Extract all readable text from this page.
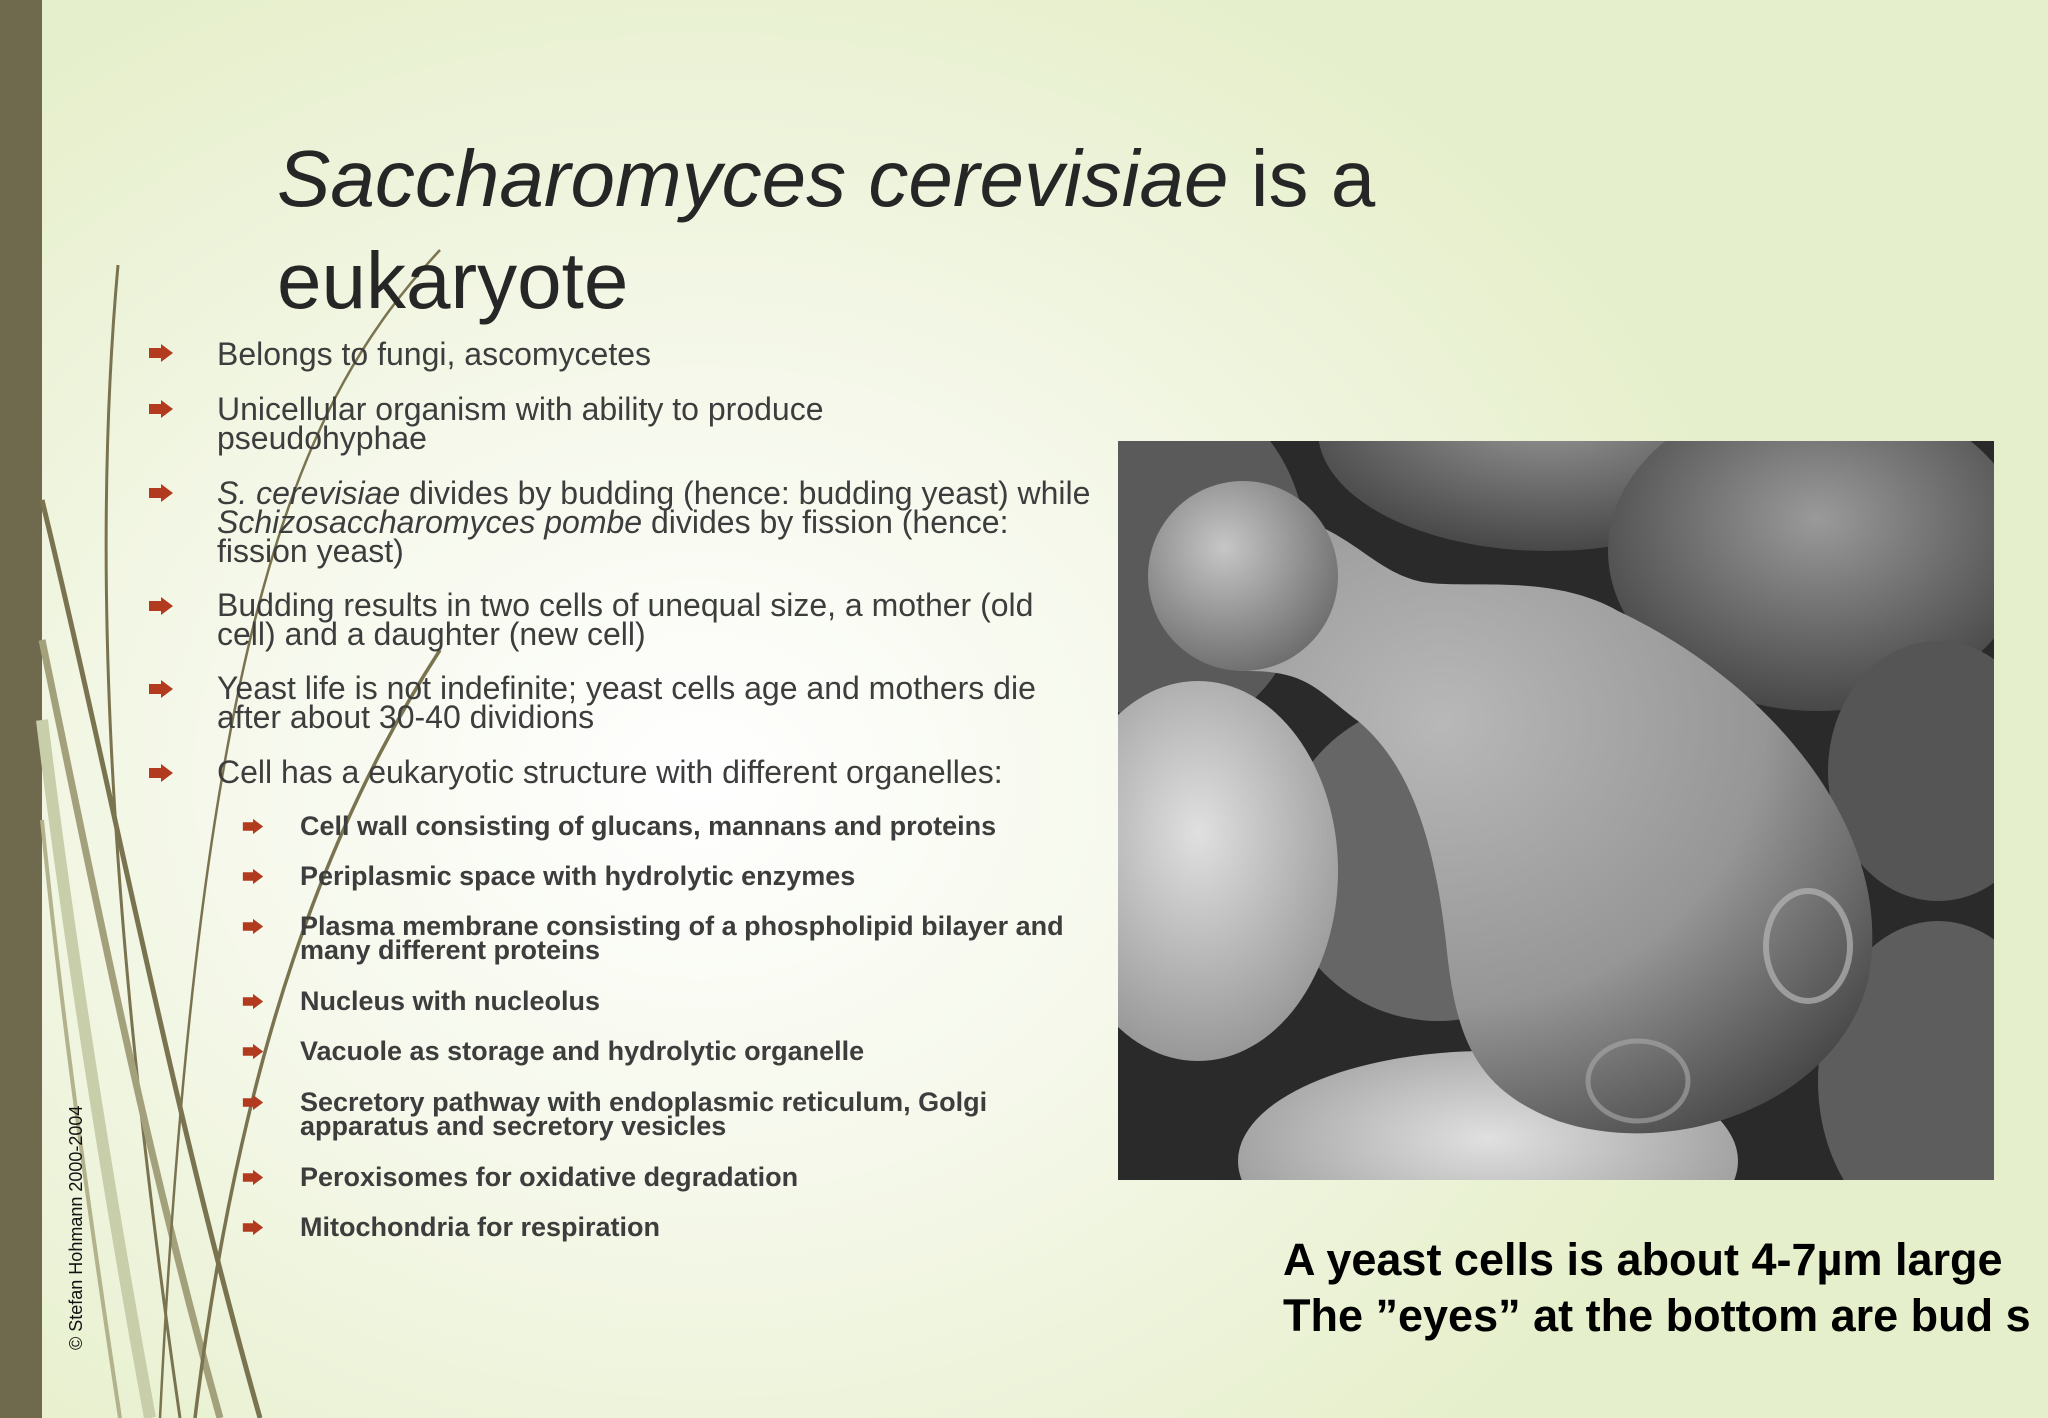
© Stefan Hohmann 2000-2004
Saccharomyces cerevisiae is a eukaryote
Belongs to fungi, ascomycetes
Unicellular organism with ability to produce pseudohyphae
S. cerevisiae divides by budding (hence: budding yeast) while Schizosaccharomyces pombe divides by fission (hence: fission yeast)
Budding results in two cells of unequal size, a mother (old cell) and a daughter (new cell)
Yeast life is not indefinite; yeast cells age and mothers die after about 30-40 dividions
Cell has a eukaryotic structure with different organelles:
Cell wall consisting of glucans, mannans and proteins
Periplasmic space with hydrolytic enzymes
Plasma membrane consisting of a phospholipid bilayer and many different proteins
Nucleus with nucleolus
Vacuole as storage and hydrolytic organelle
Secretory pathway with endoplasmic reticulum, Golgi apparatus and secretory vesicles
Peroxisomes for oxidative degradation
Mitochondria for respiration
A yeast cells is about 4-7µm large
The ”eyes” at the bottom are bud s
